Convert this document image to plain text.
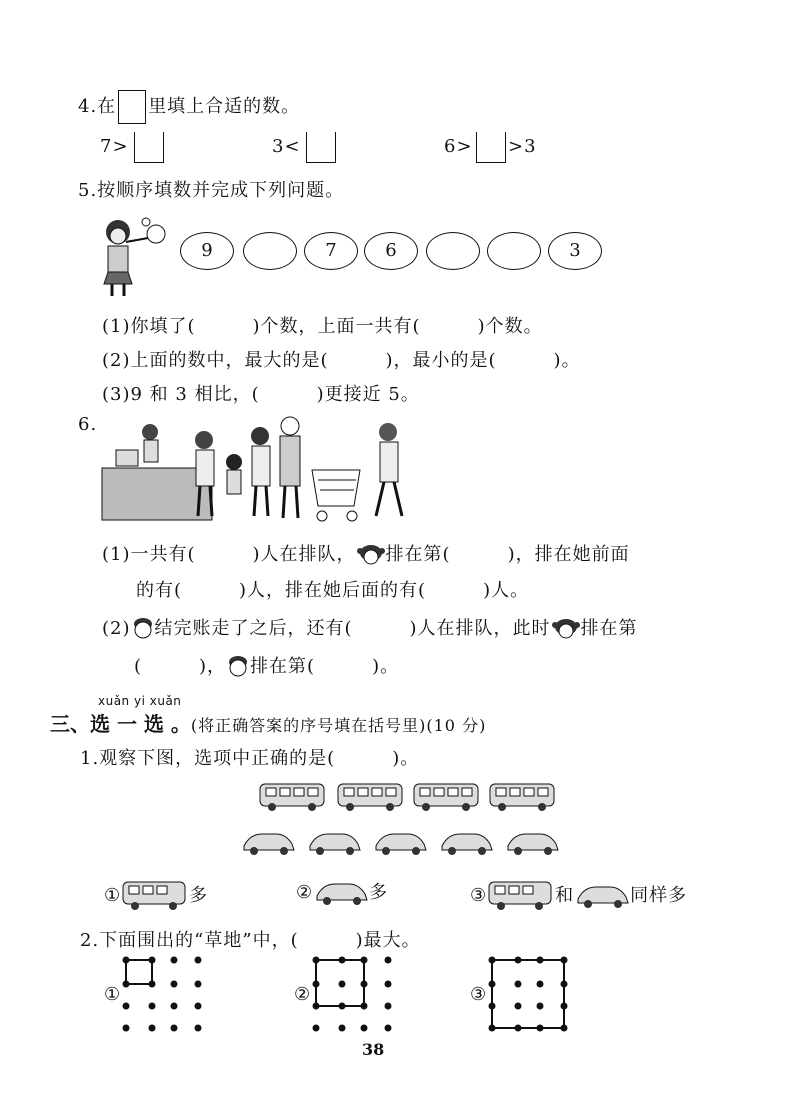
4.在 里填上合适的数。
7>	3<	6> >3
5.按顺序填数并完成下列问题。
9	7	6	3
(1)你填了(　　　)个数，上面一共有(　　　)个数。
(2)上面的数中，最大的是(　　　)，最小的是(　　　)。
(3)9 和 3 相比，(　　　)更接近 5。
6.
(1)一共有(　　　)人在排队， 排在第(　　　)，排在她前面
的有(　　　)人，排在她后面的有(　　　)人。
(2) 结完账走了之后，还有(　　　)人在排队，此时 排在第
(　　　)， 排在第(　　　)。
xuǎn yi xuǎn
三、选 一 选 。(将正确答案的序号填在括号里)(10 分)
1.观察下图，选项中正确的是(　　　)。
①	多	②	多	③	和	同样多
2.下面围出的“草地”中，(　　　)最大。
①	②	③
38
